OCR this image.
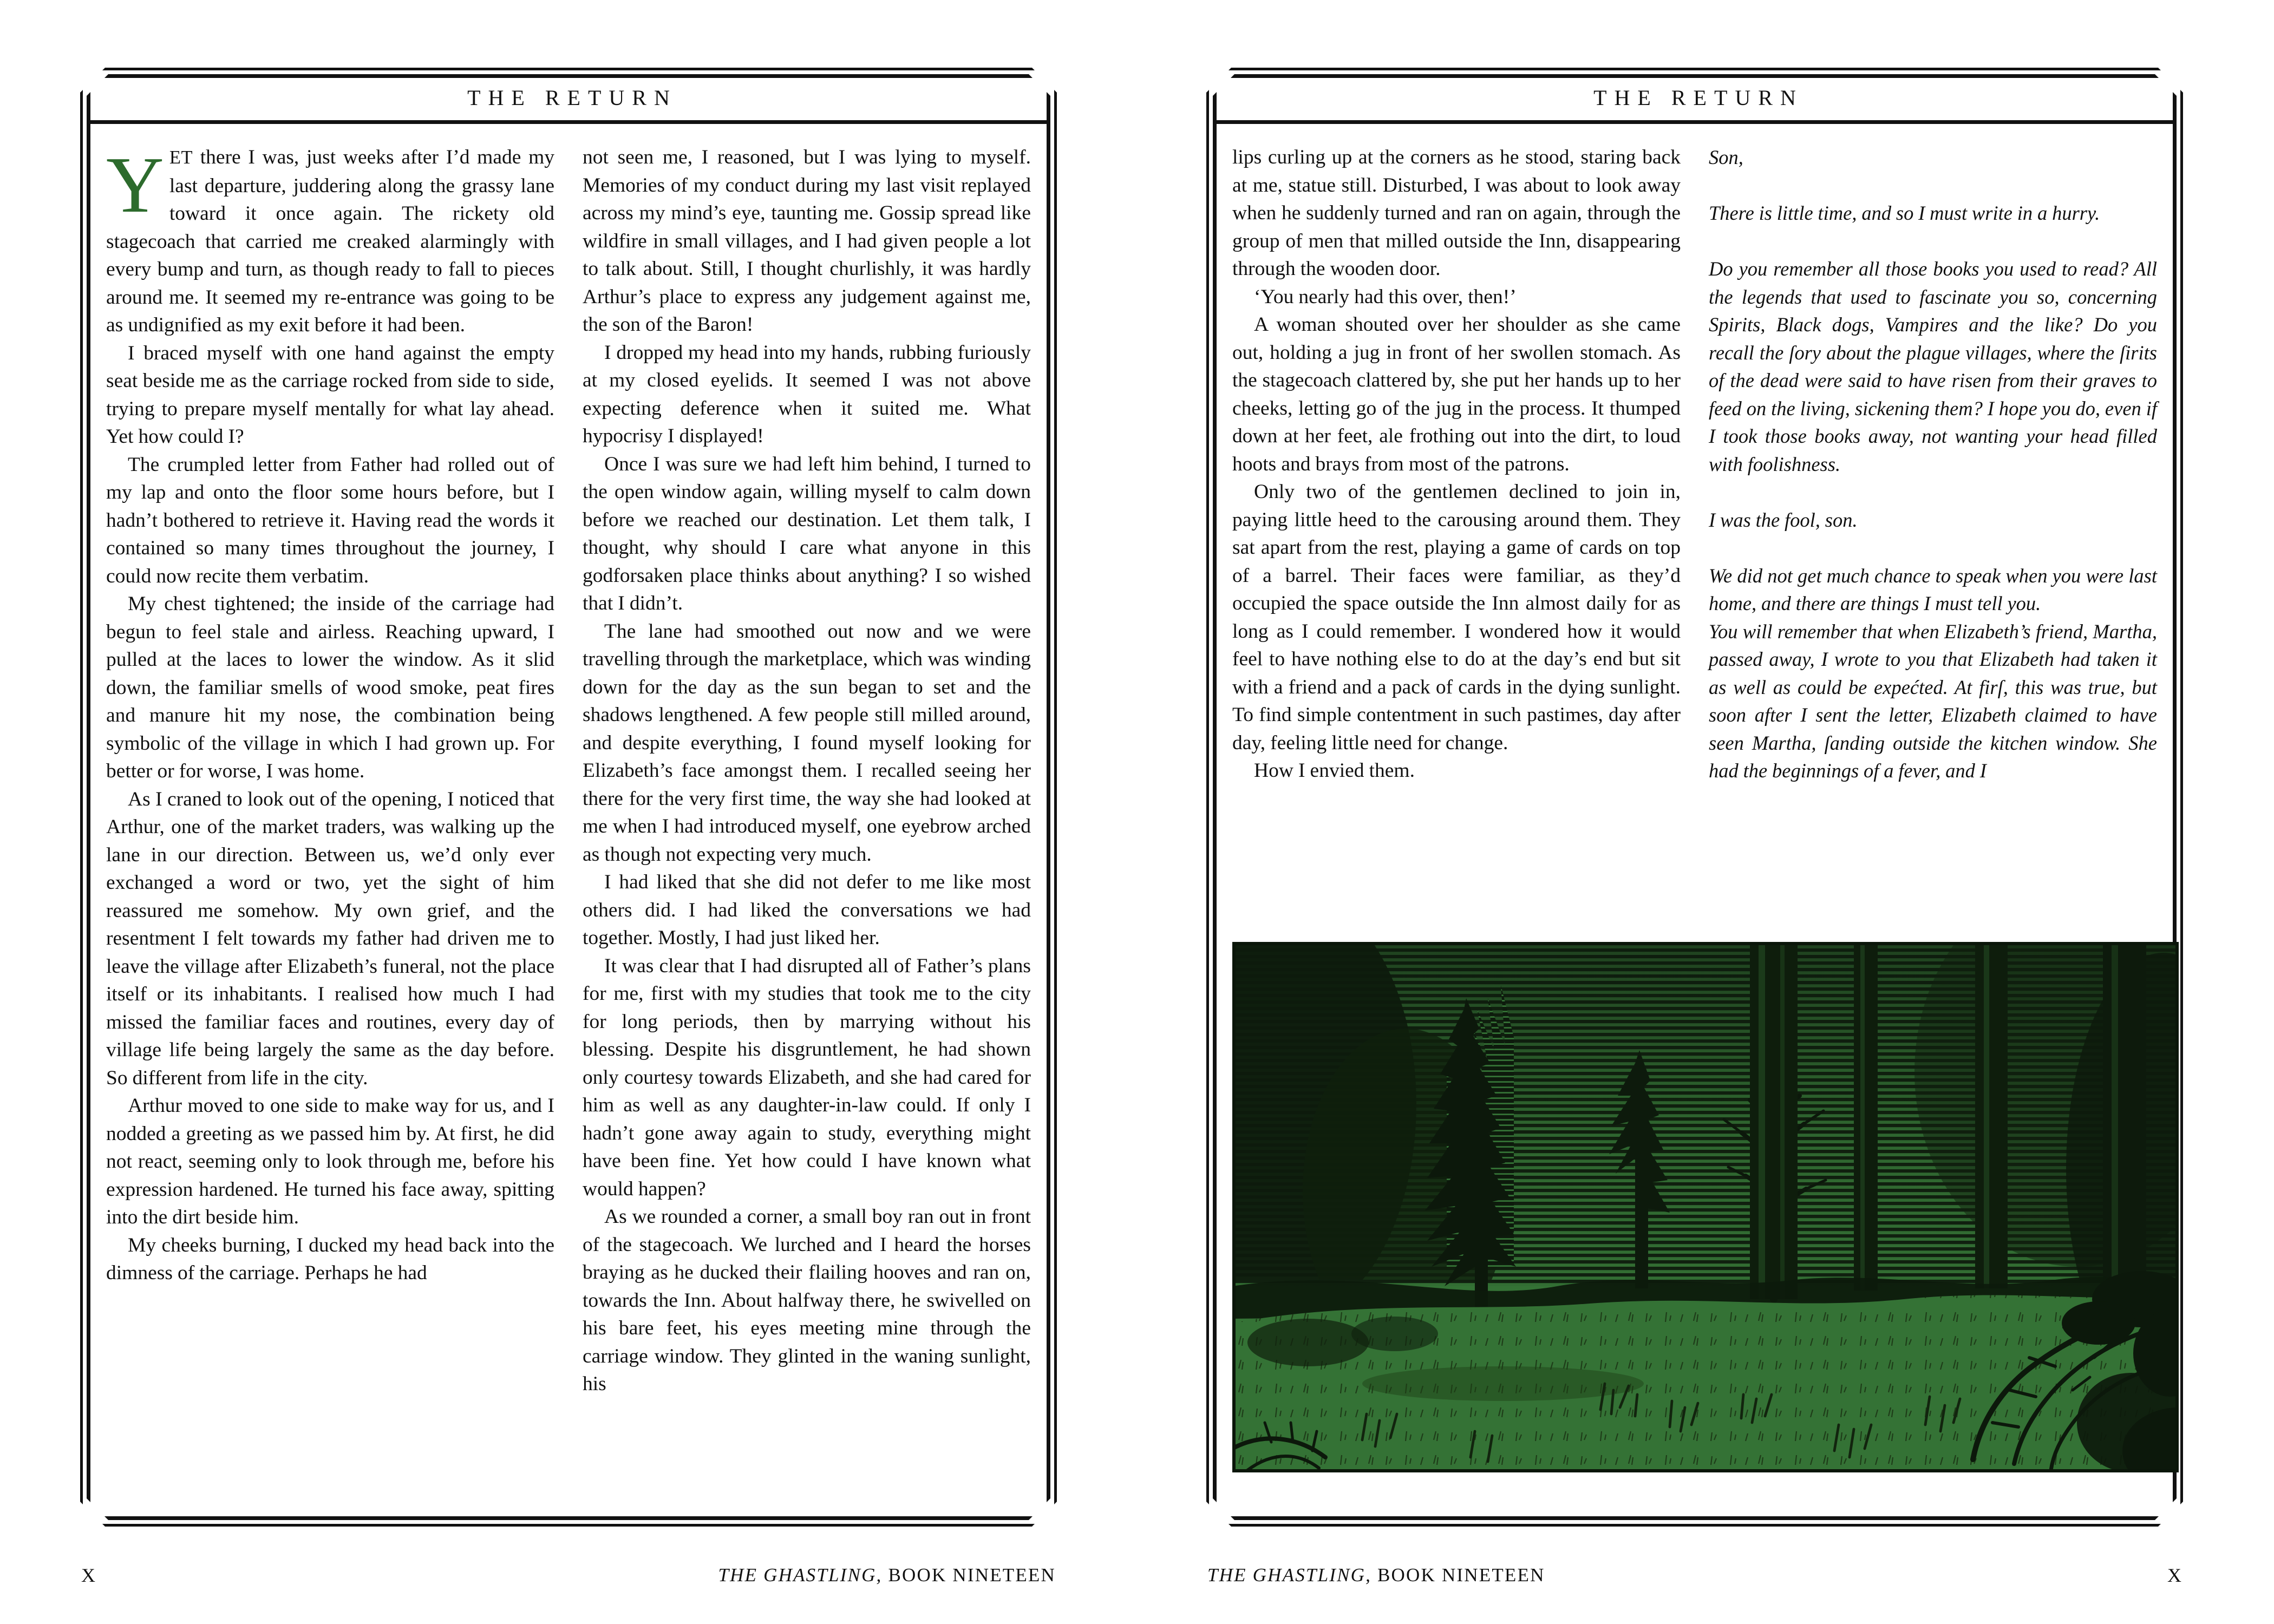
THE RETURN

YET there I was, just weeks after I’d made my last departure, juddering along the grassy lane toward it once again. The rickety old stagecoach that carried me creaked alarmingly with every bump and turn, as though ready to fall to pieces around me. It seemed my re-entrance was going to be as undignified as my exit before it had been.

I braced myself with one hand against the empty seat beside me as the carriage rocked from side to side, trying to prepare myself mentally for what lay ahead. Yet how could I?

The crumpled letter from Father had rolled out of my lap and onto the floor some hours before, but I hadn’t bothered to retrieve it. Having read the words it contained so many times throughout the journey, I could now recite them verbatim.

My chest tightened; the inside of the carriage had begun to feel stale and airless. Reaching upward, I pulled at the laces to lower the window. As it slid down, the familiar smells of wood smoke, peat fires and manure hit my nose, the combination being symbolic of the village in which I had grown up. For better or for worse, I was home.

As I craned to look out of the opening, I noticed that Arthur, one of the market traders, was walking up the lane in our direction. Between us, we’d only ever exchanged a word or two, yet the sight of him reassured me somehow. My own grief, and the resentment I felt towards my father had driven me to leave the village after Elizabeth’s funeral, not the place itself or its inhabitants. I realised how much I had missed the familiar faces and routines, every day of village life being largely the same as the day before. So different from life in the city.

Arthur moved to one side to make way for us, and I nodded a greeting as we passed him by. At first, he did not react, seeming only to look through me, before his expression hardened. He turned his face away, spitting into the dirt beside him.

My cheeks burning, I ducked my head back into the dimness of the carriage. Perhaps he had

not seen me, I reasoned, but I was lying to myself. Memories of my conduct during my last visit replayed across my mind’s eye, taunting me. Gossip spread like wildfire in small villages, and I had given people a lot to talk about. Still, I thought churlishly, it was hardly Arthur’s place to express any judgement against me, the son of the Baron!

I dropped my head into my hands, rubbing furiously at my closed eyelids. It seemed I was not above expecting deference when it suited me. What hypocrisy I displayed!

Once I was sure we had left him behind, I turned to the open window again, willing myself to calm down before we reached our destination. Let them talk, I thought, why should I care what anyone in this godforsaken place thinks about anything? I so wished that I didn’t.

The lane had smoothed out now and we were travelling through the marketplace, which was winding down for the day as the sun began to set and the shadows lengthened. A few people still milled around, and despite everything, I found myself looking for Elizabeth’s face amongst them. I recalled seeing her there for the very first time, the way she had looked at me when I had introduced myself, one eyebrow arched as though not expecting very much.

I had liked that she did not defer to me like most others did. I had liked the conversations we had together. Mostly, I had just liked her.

It was clear that I had disrupted all of Father’s plans for me, first with my studies that took me to the city for long periods, then by marrying without his blessing. Despite his disgruntlement, he had shown only courtesy towards Elizabeth, and she had cared for him as well as any daughter-in-law could. If only I hadn’t gone away again to study, everything might have been fine. Yet how could I have known what would happen?

As we rounded a corner, a small boy ran out in front of the stagecoach. We lurched and I heard the horses braying as he ducked their flailing hooves and ran on, towards the Inn. About halfway there, he swivelled on his bare feet, his eyes meeting mine through the carriage window. They glinted in the waning sunlight, his

X	THE GHASTLING, BOOK NINETEEN
THE RETURN

lips curling up at the corners as he stood, staring back at me, statue still. Disturbed, I was about to look away when he suddenly turned and ran on again, through the group of men that milled outside the Inn, disappearing through the wooden door.

‘You nearly had this over, then!’

A woman shouted over her shoulder as she came out, holding a jug in front of her swollen stomach. As the stagecoach clattered by, she put her hands up to her cheeks, letting go of the jug in the process. It thumped down at her feet, ale frothing out into the dirt, to loud hoots and brays from most of the patrons.

Only two of the gentlemen declined to join in, paying little heed to the carousing around them. They sat apart from the rest, playing a game of cards on top of a barrel. Their faces were familiar, as they’d occupied the space outside the Inn almost daily for as long as I could remember. I wondered how it would feel to have nothing else to do at the day’s end but sit with a friend and a pack of cards in the dying sunlight. To find simple contentment in such pastimes, day after day, feeling little need for change.

How I envied them.

Son,

There is little time, and so I must write in a hurry.

Do you remember all those books you used to read? All the legends that used to fascinate you so, concerning Spirits, Black dogs, Vampires and the like? Do you recall the ſory about the plague villages, where the ſirits of the dead were said to have risen from their graves to feed on the living, sickening them? I hope you do, even if I took those books away, not wanting your head filled with foolishness.

I was the fool, son.

We did not get much chance to speak when you were last home, and there are things I must tell you.

You will remember that when Elizabeth’s friend, Martha, passed away, I wrote to you that Elizabeth had taken it as well as could be expećted. At firſ, this was true, but soon after I sent the letter, Elizabeth claimed to have seen Martha, ſanding outside the kitchen window. She had the beginnings of a fever, and I

THE GHASTLING, BOOK NINETEEN	X
